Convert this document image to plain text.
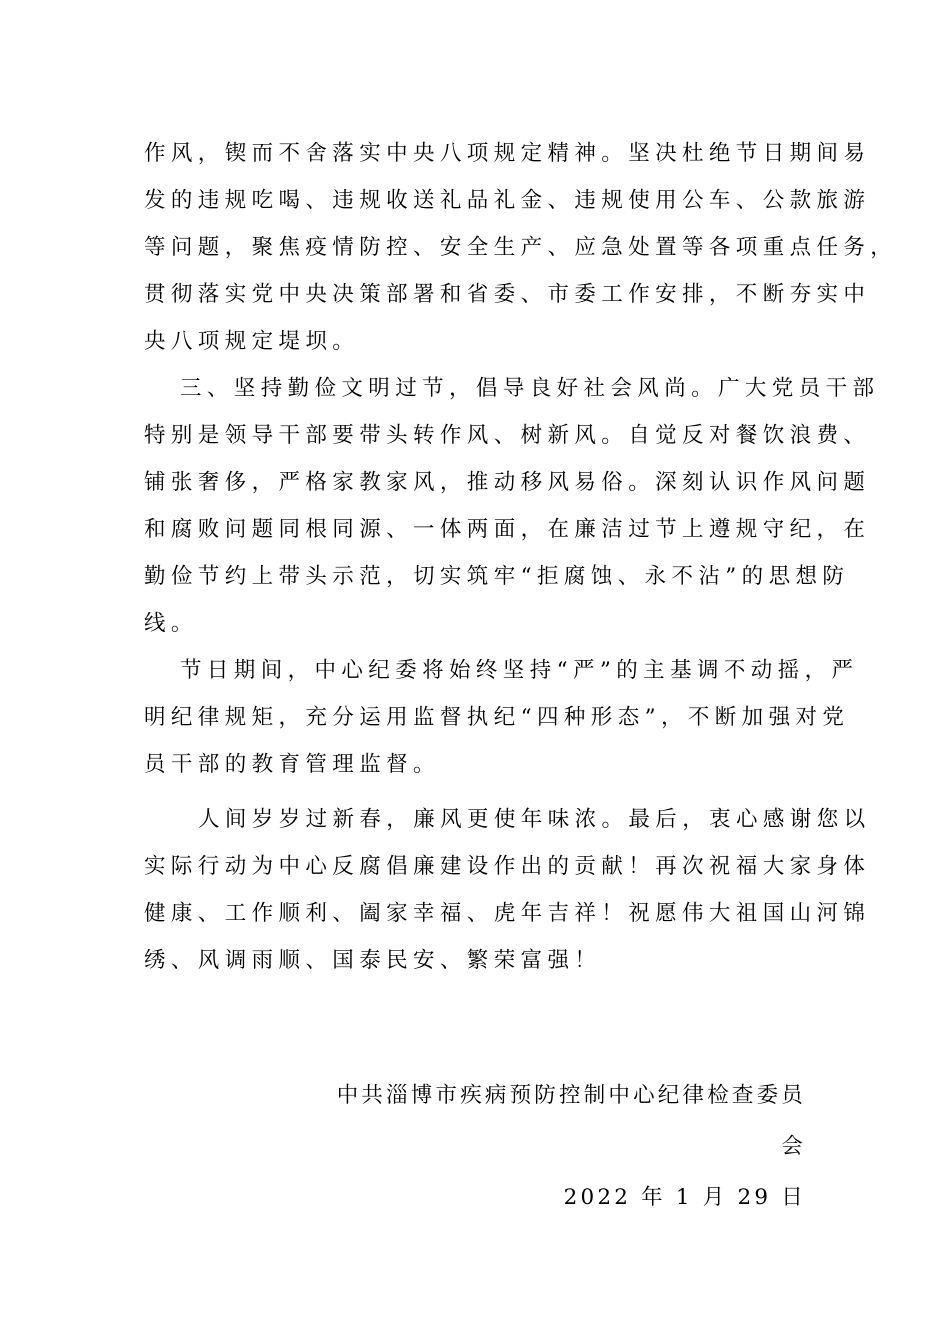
作风，锲而不舍落实中央八项规定精神。坚决杜绝节日期间易
发的违规吃喝、违规收送礼品礼金、违规使用公车、公款旅游
等问题，聚焦疫情防控、安全生产、应急处置等各项重点任务，
贯彻落实党中央决策部署和省委、市委工作安排，不断夯实中
央八项规定堤坝。
三、坚持勤俭文明过节，倡导良好社会风尚。广大党员干部
特别是领导干部要带头转作风、树新风。自觉反对餐饮浪费、
铺张奢侈，严格家教家风，推动移风易俗。深刻认识作风问题
和腐败问题同根同源、一体两面，在廉洁过节上遵规守纪，在
勤俭节约上带头示范，切实筑牢“拒腐蚀、永不沾”的思想防
线。
节日期间，中心纪委将始终坚持“严”的主基调不动摇，严
明纪律规矩，充分运用监督执纪“四种形态”，不断加强对党
员干部的教育管理监督。
人间岁岁过新春，廉风更使年味浓。最后，衷心感谢您以
实际行动为中心反腐倡廉建设作出的贡献！再次祝福大家身体
健康、工作顺利、阖家幸福、虎年吉祥！祝愿伟大祖国山河锦
绣、风调雨顺、国泰民安、繁荣富强！
中共淄博市疾病预防控制中心纪律检查委员
会
2022 年 1 月 29 日
